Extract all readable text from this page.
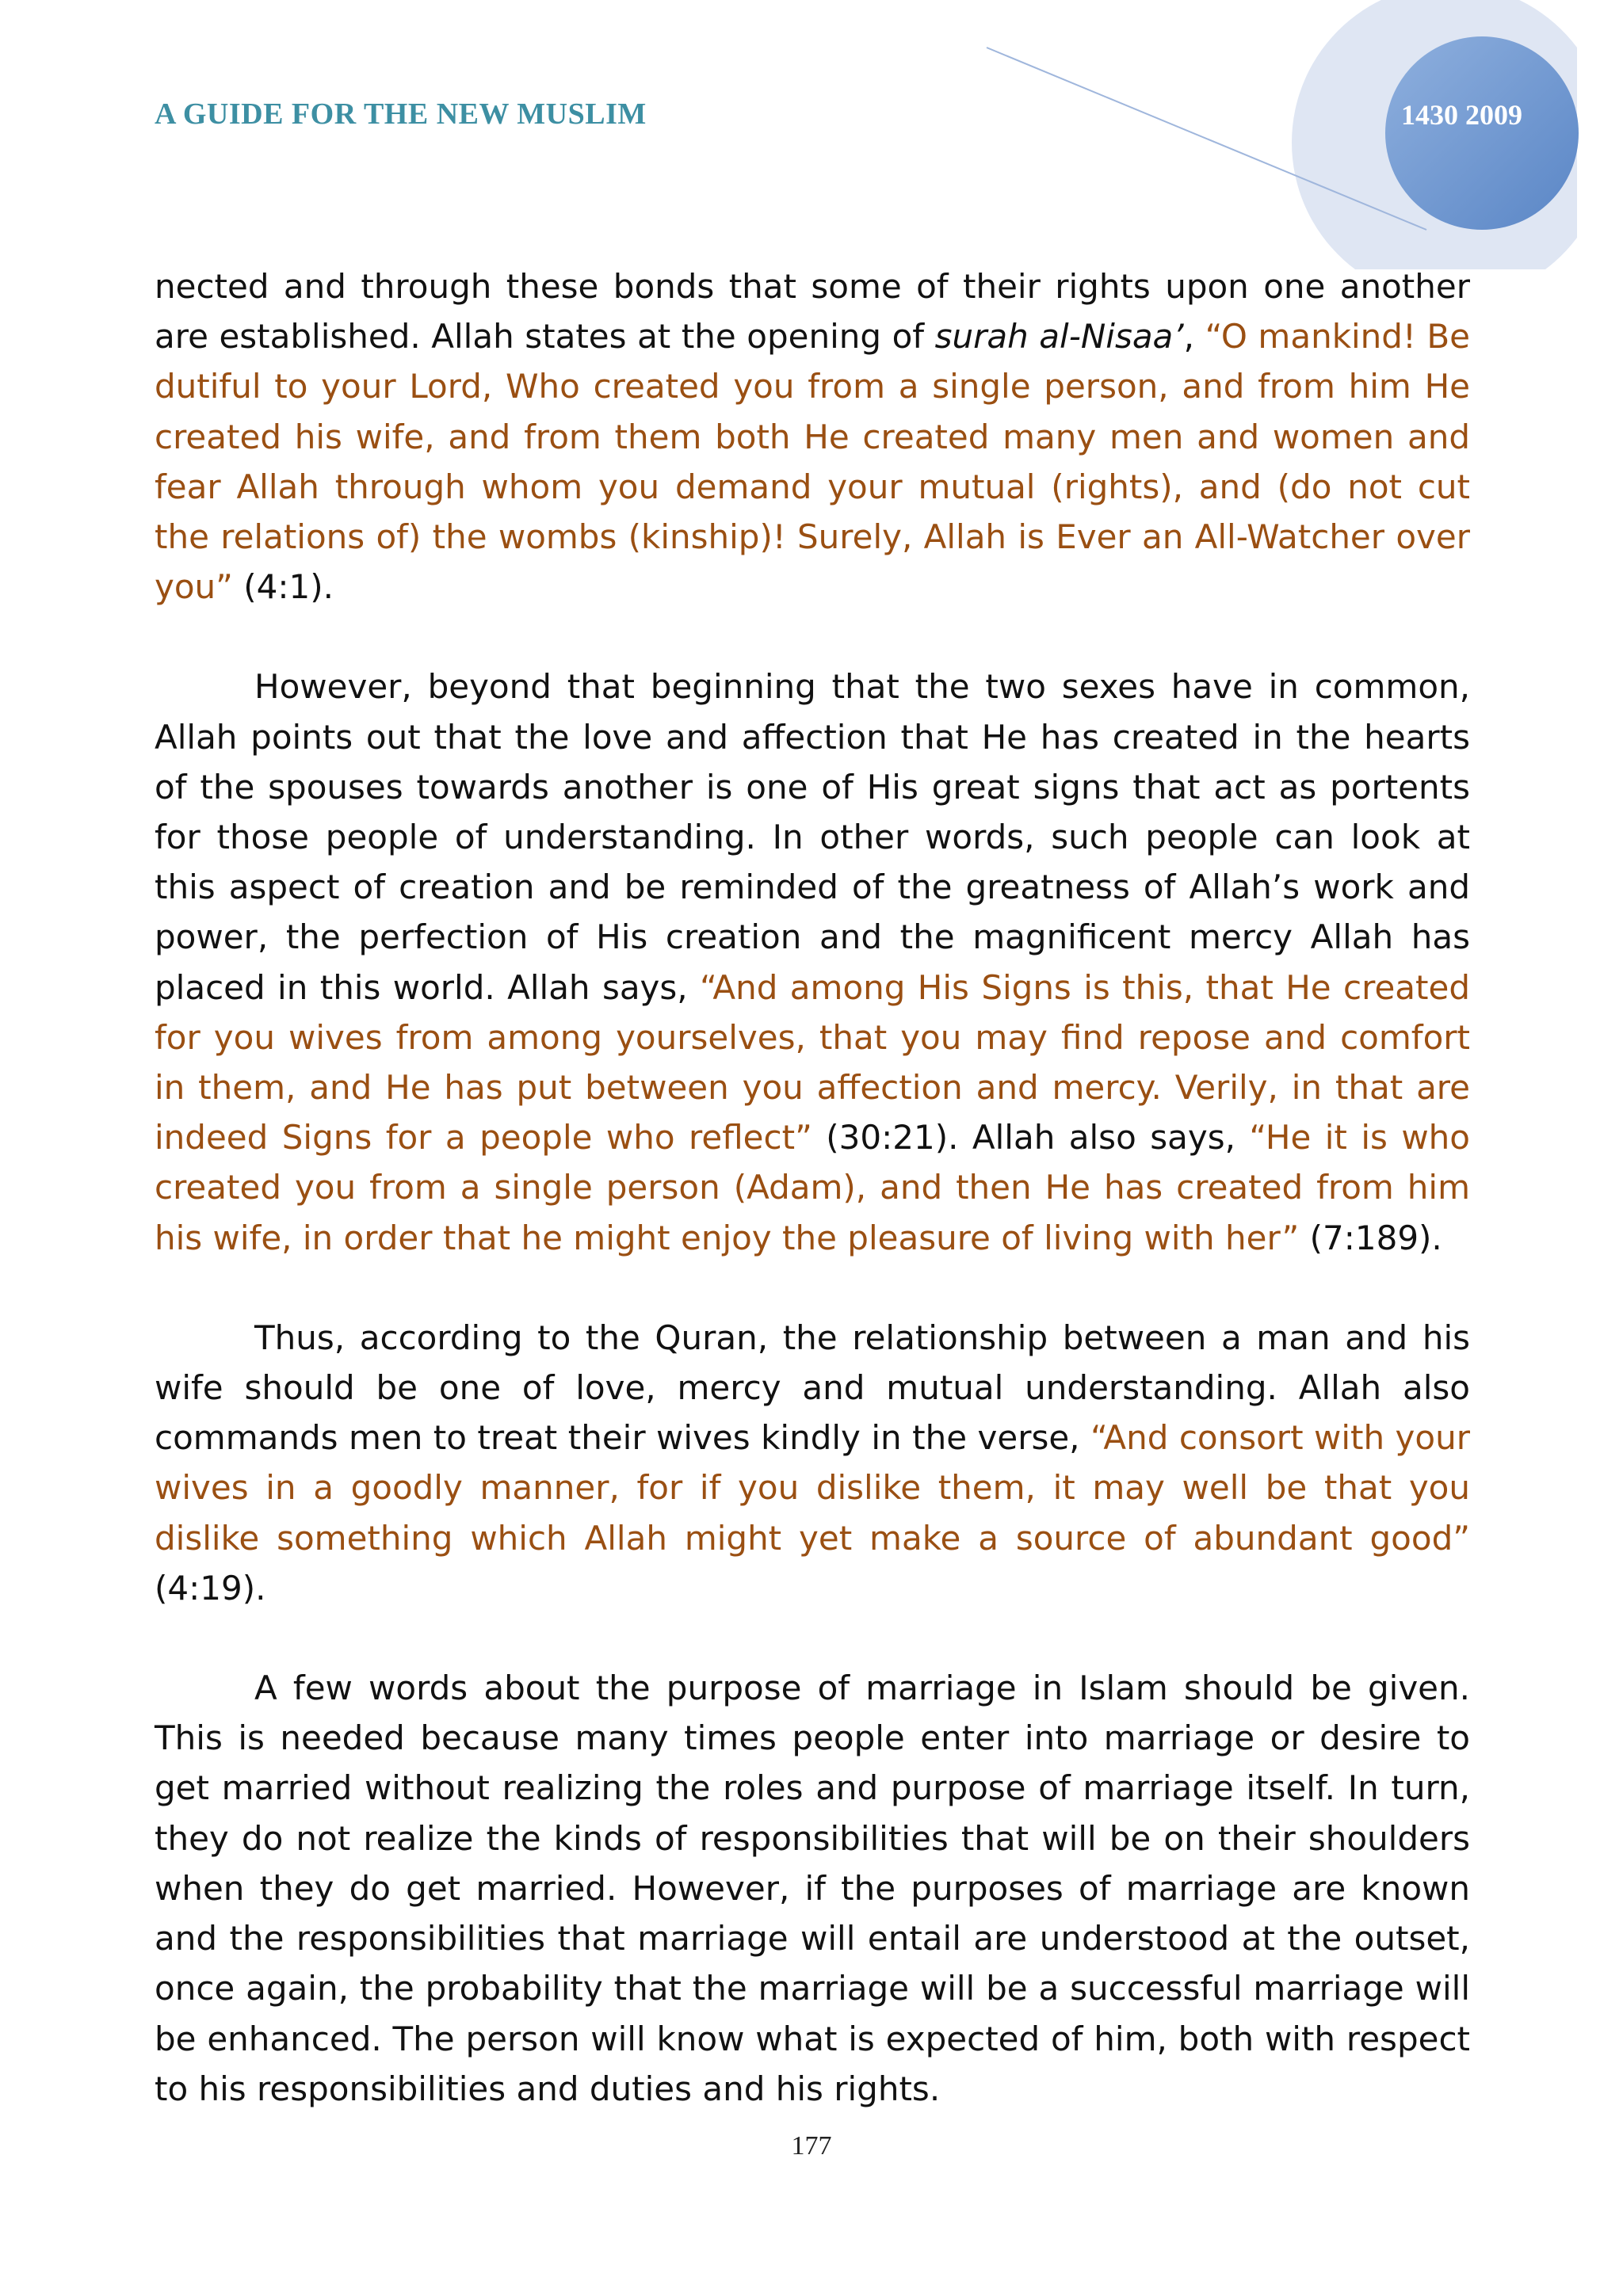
A GUIDE FOR THE NEW MUSLIM	1430 2009

nected and through these bonds that some of their rights upon one another are established. Allah states at the opening of surah al-Nisaa’, “O mankind! Be dutiful to your Lord, Who created you from a single person, and from him He created his wife, and from them both He created many men and women and fear Allah through whom you demand your mutual (rights), and (do not cut the relations of) the wombs (kinship)! Surely, Allah is Ever an All-Watcher over you” (4:1).

However, beyond that beginning that the two sexes have in common, Allah points out that the love and affection that He has created in the hearts of the spouses towards another is one of His great signs that act as portents for those people of understanding. In other words, such people can look at this aspect of creation and be reminded of the greatness of Allah’s work and power, the perfection of His creation and the magnificent mercy Allah has placed in this world. Allah says, “And among His Signs is this, that He created for you wives from among yourselves, that you may find repose and comfort in them, and He has put between you affection and mercy. Verily, in that are indeed Signs for a people who reflect” (30:21). Allah also says, “He it is who created you from a single person (Adam), and then He has created from him his wife, in order that he might enjoy the pleasure of living with her” (7:189).

Thus, according to the Quran, the relationship between a man and his wife should be one of love, mercy and mutual understanding. Allah also commands men to treat their wives kindly in the verse, “And consort with your wives in a goodly manner, for if you dislike them, it may well be that you dislike something which Allah might yet make a source of abundant good” (4:19).

A few words about the purpose of marriage in Islam should be given. This is needed because many times people enter into marriage or desire to get married without realizing the roles and purpose of marriage itself. In turn, they do not realize the kinds of responsibilities that will be on their shoulders when they do get married. However, if the purposes of marriage are known and the responsibilities that marriage will entail are understood at the outset, once again, the probability that the marriage will be a successful marriage will be enhanced. The person will know what is expected of him, both with respect to his responsibilities and duties and his rights.

177
